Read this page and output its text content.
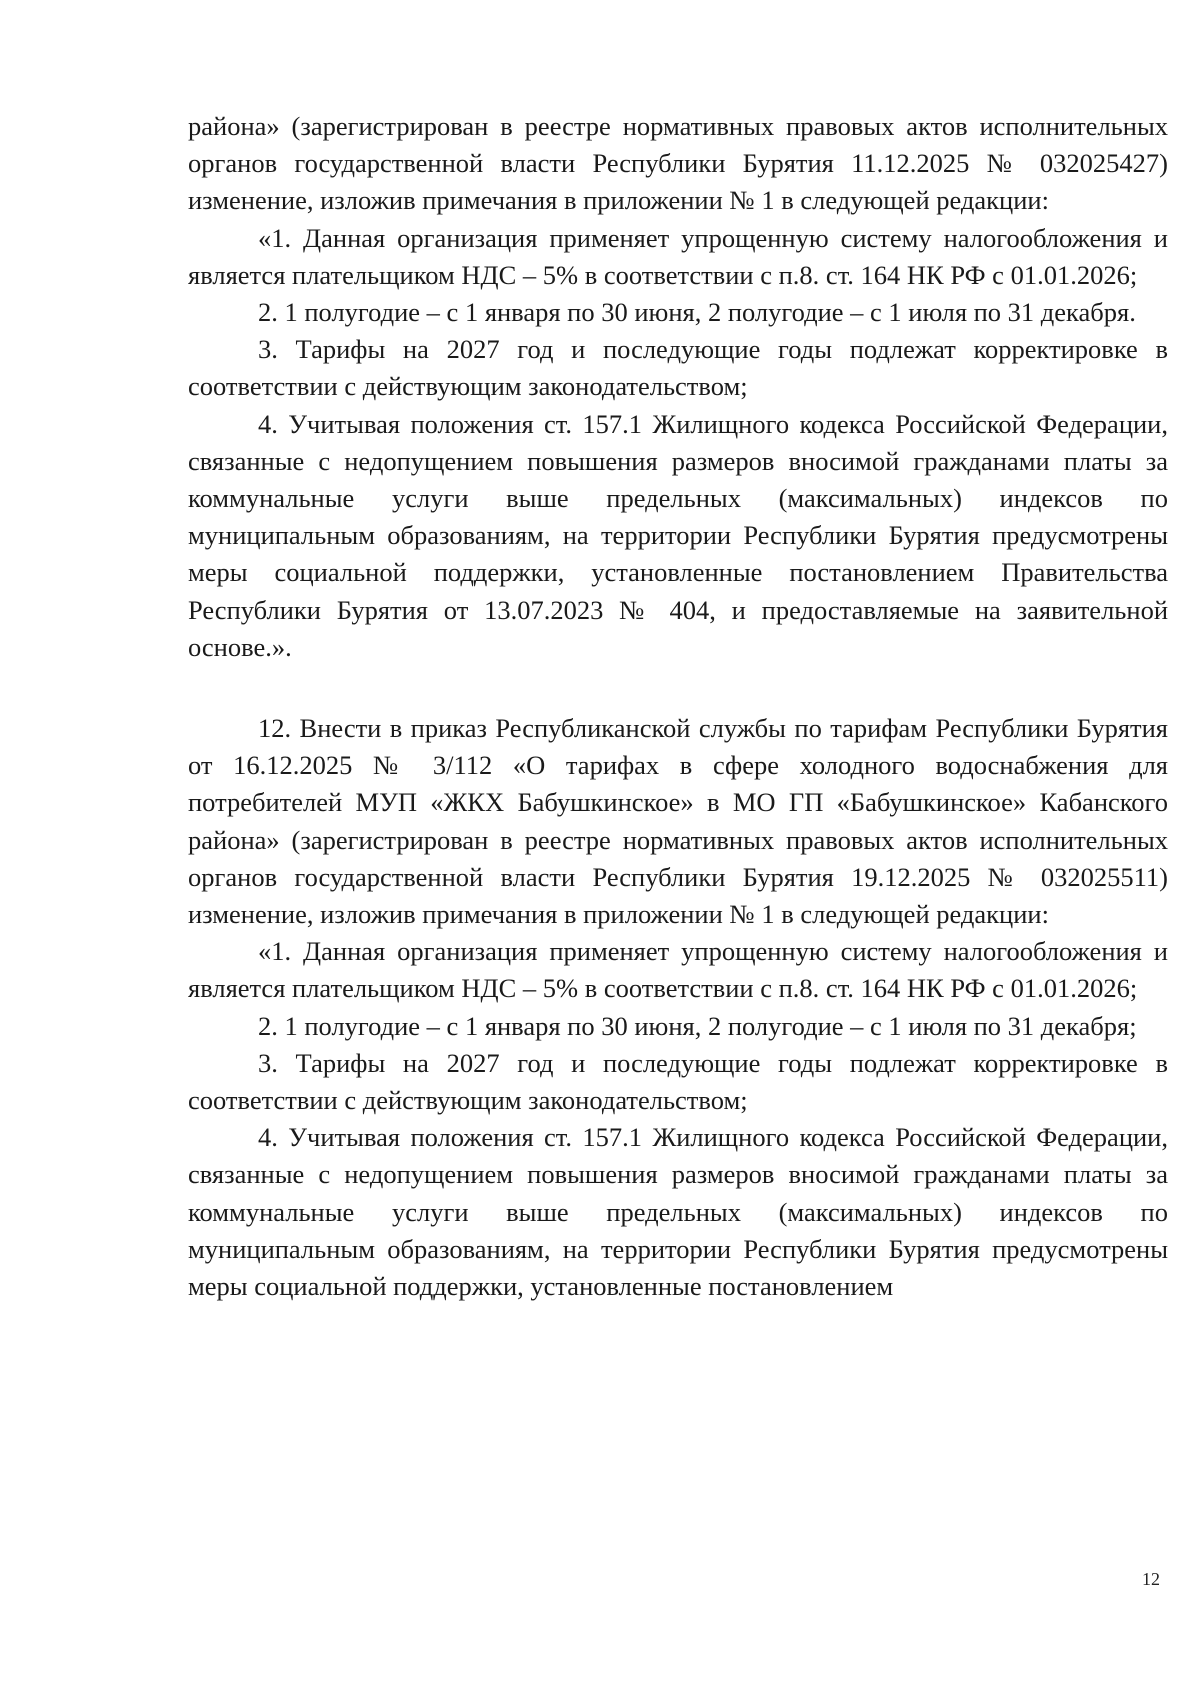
района» (зарегистрирован в реестре нормативных правовых актов исполнительных органов государственной власти Республики Бурятия 11.12.2025 № 032025427) изменение, изложив примечания в приложении № 1 в следующей редакции:

«1. Данная организация применяет упрощенную систему налогообложения и является плательщиком НДС – 5% в соответствии с п.8. ст. 164 НК РФ с 01.01.2026;

2. 1 полугодие – с 1 января по 30 июня, 2 полугодие – с 1 июля по 31 декабря.

3. Тарифы на 2027 год и последующие годы подлежат корректировке в соответствии с действующим законодательством;

4. Учитывая положения ст. 157.1 Жилищного кодекса Российской Федерации, связанные с недопущением повышения размеров вносимой гражданами платы за коммунальные услуги выше предельных (максимальных) индексов по муниципальным образованиям, на территории Республики Бурятия предусмотрены меры социальной поддержки, установленные постановлением Правительства Республики Бурятия от 13.07.2023 № 404, и предоставляемые на заявительной основе.».

12. Внести в приказ Республиканской службы по тарифам Республики Бурятия от 16.12.2025 № 3/112 «О тарифах в сфере холодного водоснабжения для потребителей МУП «ЖКХ Бабушкинское» в МО ГП «Бабушкинское» Кабанского района» (зарегистрирован в реестре нормативных правовых актов исполнительных органов государственной власти Республики Бурятия 19.12.2025 № 032025511) изменение, изложив примечания в приложении № 1 в следующей редакции:

«1. Данная организация применяет упрощенную систему налогообложения и является плательщиком НДС – 5% в соответствии с п.8. ст. 164 НК РФ с 01.01.2026;

2. 1 полугодие – с 1 января по 30 июня, 2 полугодие – с 1 июля по 31 декабря;

3. Тарифы на 2027 год и последующие годы подлежат корректировке в соответствии с действующим законодательством;

4. Учитывая положения ст. 157.1 Жилищного кодекса Российской Федерации, связанные с недопущением повышения размеров вносимой гражданами платы за коммунальные услуги выше предельных (максимальных) индексов по муниципальным образованиям, на территории Республики Бурятия предусмотрены меры социальной поддержки, установленные постановлением

12
